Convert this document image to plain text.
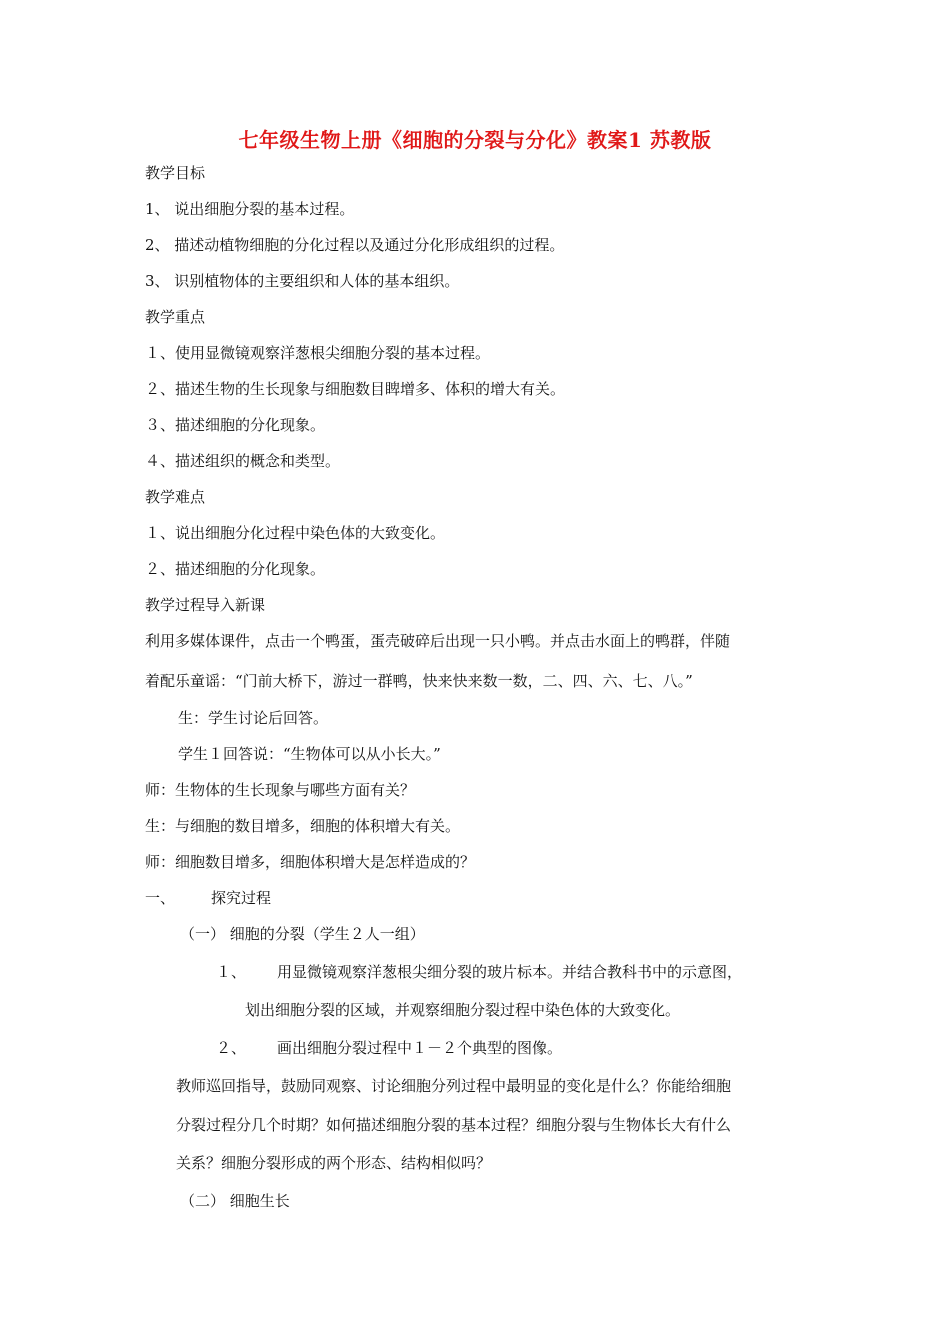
七年级生物上册《细胞的分裂与分化》教案1 苏教版
教学目标
1、 说出细胞分裂的基本过程。
2、 描述动植物细胞的分化过程以及通过分化形成组织的过程。
3、 识别植物体的主要组织和人体的基本组织。
教学重点
１、使用显微镜观察洋葱根尖细胞分裂的基本过程。
２、描述生物的生长现象与细胞数目睥增多、体积的增大有关。
３、描述细胞的分化现象。
４、描述组织的概念和类型。
教学难点
１、说出细胞分化过程中染色体的大致变化。
２、描述细胞的分化现象。
教学过程导入新课
利用多媒体课件，点击一个鸭蛋，蛋壳破碎后出现一只小鸭。并点击水面上的鸭群，伴随
着配乐童谣：“门前大桥下，游过一群鸭，快来快来数一数，二、四、六、七、八。”
生：学生讨论后回答。
学生１回答说：“生物体可以从小长大。”
师：生物体的生长现象与哪些方面有关？
生：与细胞的数目增多，细胞的体积增大有关。
师：细胞数目增多，细胞体积增大是怎样造成的？
一、 探究过程
（一） 细胞的分裂（学生２人一组）
１、 用显微镜观察洋葱根尖细分裂的玻片标本。并结合教科书中的示意图，
划出细胞分裂的区域，并观察细胞分裂过程中染色体的大致变化。
２、 画出细胞分裂过程中１－２个典型的图像。
教师巡回指导，鼓励同观察、讨论细胞分列过程中最明显的变化是什么？你能给细胞
分裂过程分几个时期？如何描述细胞分裂的基本过程？细胞分裂与生物体长大有什么
关系？细胞分裂形成的两个形态、结构相似吗？
（二） 细胞生长
